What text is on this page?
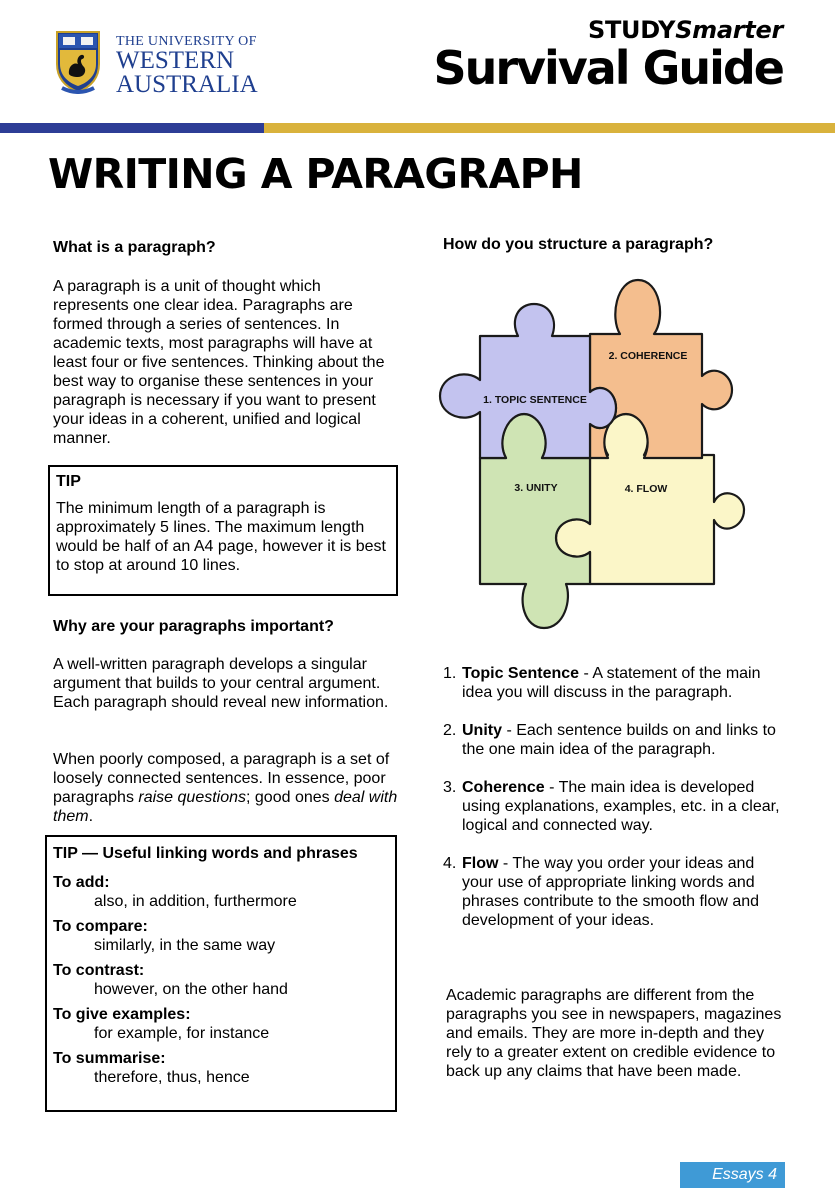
THE UNIVERSITY OF
WESTERN
AUSTRALIA
STUDYSmarter
Survival Guide
WRITING A PARAGRAPH
What is a paragraph?
A paragraph is a unit of thought which represents one clear idea. Paragraphs are formed through a series of sentences. In academic texts, most paragraphs will have at least four or five sentences. Thinking about the best way to organise these sentences in your paragraph is necessary if you want to present your ideas in a coherent, unified and logical manner.
TIP
The minimum length of a paragraph is approximately 5 lines. The maximum length would be half of an A4 page, however it is best to stop at around 10 lines.
Why are your paragraphs important?
A well-written paragraph develops a singular argument that builds to your central argument. Each paragraph should reveal new information.
When poorly composed, a paragraph is a set of loosely connected sentences. In essence, poor paragraphs raise questions; good ones deal with them.
TIP — Useful linking words and phrases
To add:
also, in addition, furthermore
To compare:
similarly, in the same way
To contrast:
however, on the other hand
To give examples:
for example, for instance
To summarise:
therefore, thus, hence
How do you structure a paragraph?
1. TOPIC SENTENCE
2. COHERENCE
3. UNITY	4. FLOW
1. Topic Sentence - A statement of the main idea you will discuss in the paragraph.
2. Unity - Each sentence builds on and links to the one main idea of the paragraph.
3. Coherence - The main idea is developed using explanations, examples, etc. in a clear, logical and connected way.
4. Flow - The way you order your ideas and your use of appropriate linking words and phrases contribute to the smooth flow and development of your ideas.
Academic paragraphs are different from the paragraphs you see in newspapers, magazines and emails. They are more in-depth and they rely to a greater extent on credible evidence to back up any claims that have been made.
Essays 4
